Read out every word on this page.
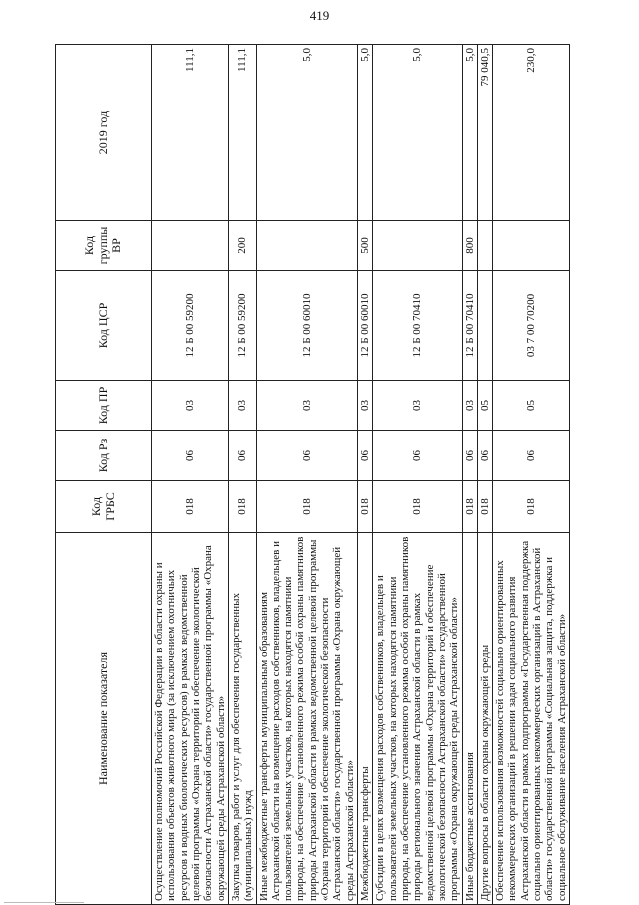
419
Наименование показателя	Код ГРБС	Код Рз	Код ПР	Код ЦСР	Код группы ВР	2019 год
Осуществление полномочий Российской Федерации в области охраны и использования объектов животного мира (за исключением охотничьих ресурсов и водных биологических ресурсов) в рамках ведомственной целевой программы «Охрана территорий и обеспечение экологической безопасности Астраханской области» государственной программы «Охрана окружающей среды Астраханской области»	018	06	03	12 Б 00 59200		111,1
Закупка товаров, работ и услуг для обеспечения государственных (муниципальных) нужд	018	06	03	12 Б 00 59200	200	111,1
Иные межбюджетные трансферты муниципальным образованиям Астраханской области на возмещение расходов собственников, владельцев и пользователей земельных участков, на которых находятся памятники природы, на обеспечение установленного режима особой охраны памятников природы Астраханской области в рамках ведомственной целевой программы «Охрана территорий и обеспечение экологической безопасности Астраханской области» государственной программы «Охрана окружающей среды Астраханской области»	018	06	03	12 Б 00 60010		5,0
Межбюджетные трансферты	018	06	03	12 Б 00 60010	500	5,0
Субсидии в целях возмещения расходов собственников, владельцев и пользователей земельных участков, на которых находятся памятники природы, на обеспечение установленного режима особой охраны памятников природы регионального значения Астраханской области в рамках ведомственной целевой программы «Охрана территорий и обеспечение экологической безопасности Астраханской области» государственной программы «Охрана окружающей среды Астраханской области»	018	06	03	12 Б 00 70410		5,0
Иные бюджетные ассигнования	018	06	03	12 Б 00 70410	800	5,0
Другие вопросы в области охраны окружающей среды	018	06	05			79 040,5
Обеспечение использования возможностей социально ориентированных некоммерческих организаций в решении задач социального развития Астраханской области в рамках подпрограммы «Государственная поддержка социально ориентированных некоммерческих организаций в Астраханской области» государственной программы «Социальная защита, поддержка и социальное обслуживание населения Астраханской области»	018	06	05	03 7 00 70200		230,0
